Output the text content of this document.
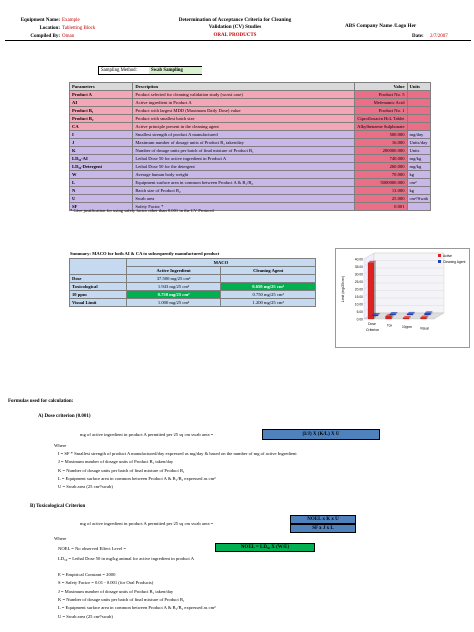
Equipment Name: Example
Location: Tabletting Block
Compiled By: Oman
Determination of Acceptance Criteria for Cleaning
Validation (CV) Studies
ORAL PRODUCTS
ABS Company Name /Logo Her
Date: 2/7/2007
Sampling Method:	Swab Sampling
Parameters	Description	Value	Units
Product A	Product selected for cleaning validation study (worst case)	Product No. 5	
AI	Active ingredient in Product A	Mefenamic Acid	
Product B₁	Product with largest MDD (Maximum Daily Dose) value	Product No. 1	
Product B₂	Product with smallest batch size	Ciprofloxacin HcL Tablet	
CA	Active principle present in the cleaning agent	Alkylbenzene Sulphonate	
I	Smallest strength of product A manufactured	500.000	mg/day
J	Maximum number of dosage units of Product B₁ taken/day	16.000	Units/day
K	Number of dosage units per batch of final mixture of Product B₁	280000.000	Units
LD₅₀-AI	Lethal Dose 50 for active ingredient in Product A	740.000	mg/kg
LD₅₀-Detergent	Lethal Dose 50 for the detergent	260.000	mg/kg
W	Average human body weight	70.000	kg
L	Equipment surface area in common between Product A & B₁/B₂	5000000.000	cm²
N	Batch size of Product B₂	13.000	kg
U	Swab area	25.000	cm²/Swab
SF	Safety Factor *	0.001	
* Give justification for using safety factor other than 0.001 in the CV Protocol
Summary: MACO for both AI & CA to subsequently manufactured product
	MACO	
	Active Ingredient	Cleaning Agent
Dose	37.500 mg/25 cm²	
Toxicological	1.943 mg/25 cm²	0.650 mg/25 cm²
10 ppm	0.750 mg/25 cm²	0.750 mg/25 cm²
Visual Limit	1.000 mg/25 cm²	1.200 mg/25 cm²
40.00
35.00
30.00
25.00
20.00
15.00
10.00
5.00
0.00
Limit (mg/25cm²)
Dose	Tox	10ppm Visual
Criterion
Active
Cleaning Agent
Formulas used for calculation:
A) Dose criterion (0.001)
mg of active ingredient in product A permitted per 25 sq cm swab area =	(I/J) X (K/L) X U
Where
I = SF * Smallest strength of product A manufactured/day expressed as mg/day & based on the number of mg of active Ingredient
J = Maximum number of dosage units of Product B₁ taken/day
K = Number of dosage units per batch of final mixture of Product B₁
L = Equipment surface area in common between Product A & B₁/B₂ expressed as cm²
U = Swab area (25 cm²/swab)
B) Toxicological Criterion
mg of active ingredient in product A permitted per 25 sq cm swab area =
NOEL x K x U
SF x J x L
Where
NOEL = No observed Effect Level =	NOEL = LD₅₀ X (W/E)
LD₅₀ = Lethal Dose 50 in mg/kg animal for active ingredient in product A
E = Empirical Constant = 2000
S = Safety Factor = 0.01 - 0.001 (for Oral Products)
J = Maximum number of dosage units of Product B₁ taken/day
K = Number of dosage units per batch of final mixture of Product B₁
L = Equipment surface area in common between Product A & B₁/B₂ expressed as cm²
U = Swab area (25 cm²/swab)
